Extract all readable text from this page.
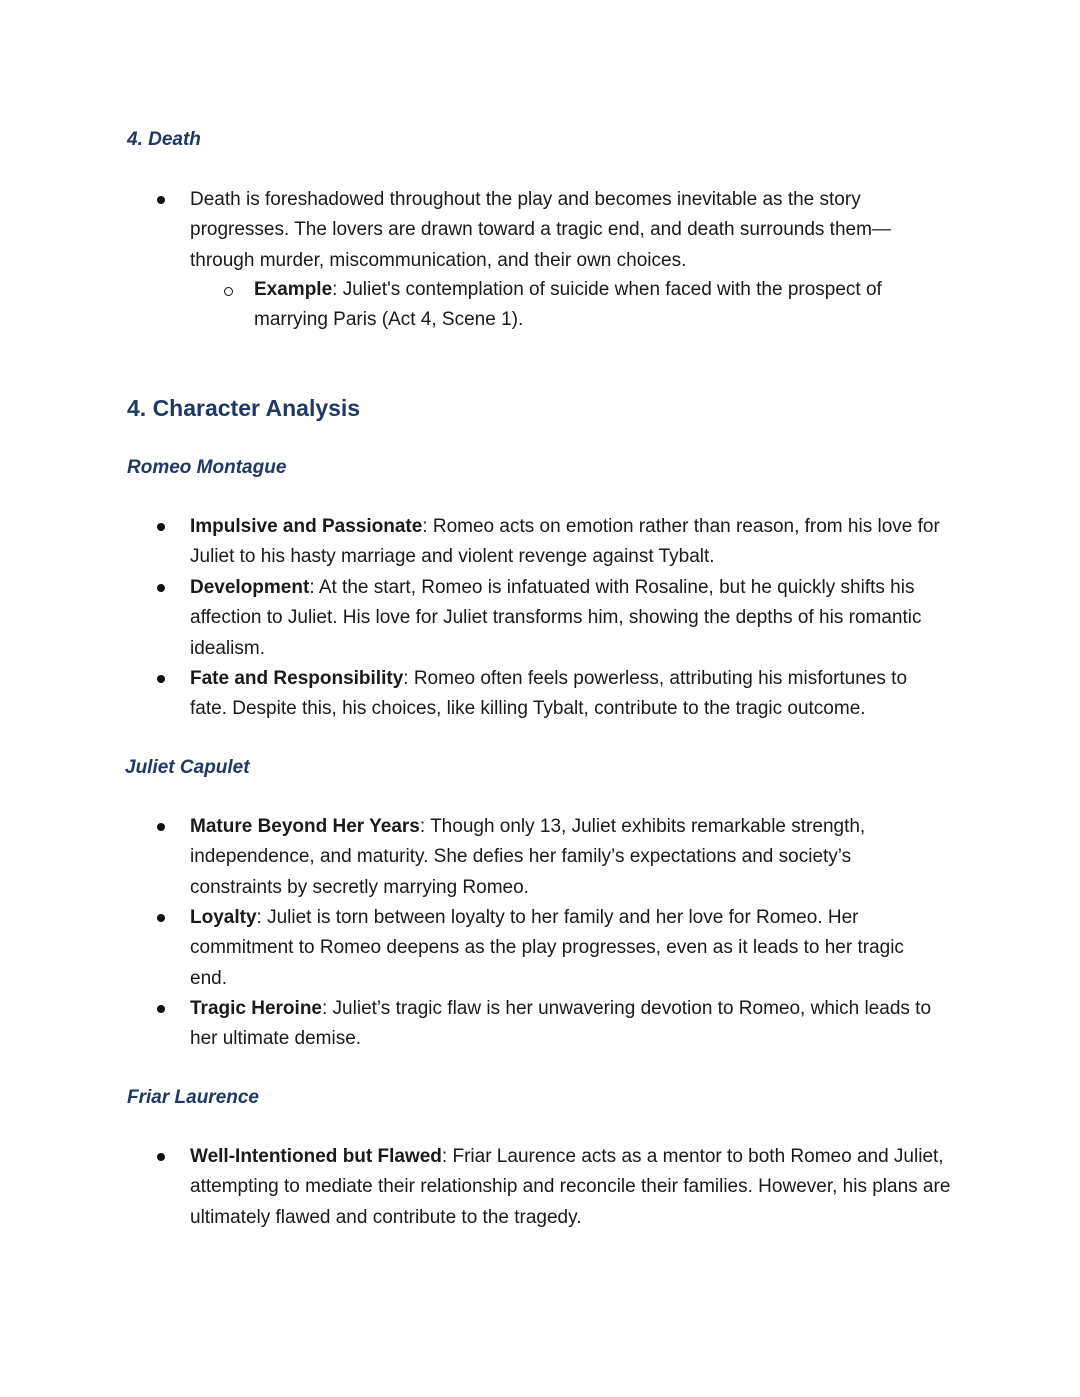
4. Death
Death is foreshadowed throughout the play and becomes inevitable as the story progresses. The lovers are drawn toward a tragic end, and death surrounds them—through murder, miscommunication, and their own choices.
Example: Juliet's contemplation of suicide when faced with the prospect of marrying Paris (Act 4, Scene 1).
4. Character Analysis
Romeo Montague
Impulsive and Passionate: Romeo acts on emotion rather than reason, from his love for Juliet to his hasty marriage and violent revenge against Tybalt.
Development: At the start, Romeo is infatuated with Rosaline, but he quickly shifts his affection to Juliet. His love for Juliet transforms him, showing the depths of his romantic idealism.
Fate and Responsibility: Romeo often feels powerless, attributing his misfortunes to fate. Despite this, his choices, like killing Tybalt, contribute to the tragic outcome.
Juliet Capulet
Mature Beyond Her Years: Though only 13, Juliet exhibits remarkable strength, independence, and maturity. She defies her family’s expectations and society’s constraints by secretly marrying Romeo.
Loyalty: Juliet is torn between loyalty to her family and her love for Romeo. Her commitment to Romeo deepens as the play progresses, even as it leads to her tragic end.
Tragic Heroine: Juliet’s tragic flaw is her unwavering devotion to Romeo, which leads to her ultimate demise.
Friar Laurence
Well-Intentioned but Flawed: Friar Laurence acts as a mentor to both Romeo and Juliet, attempting to mediate their relationship and reconcile their families. However, his plans are ultimately flawed and contribute to the tragedy.
